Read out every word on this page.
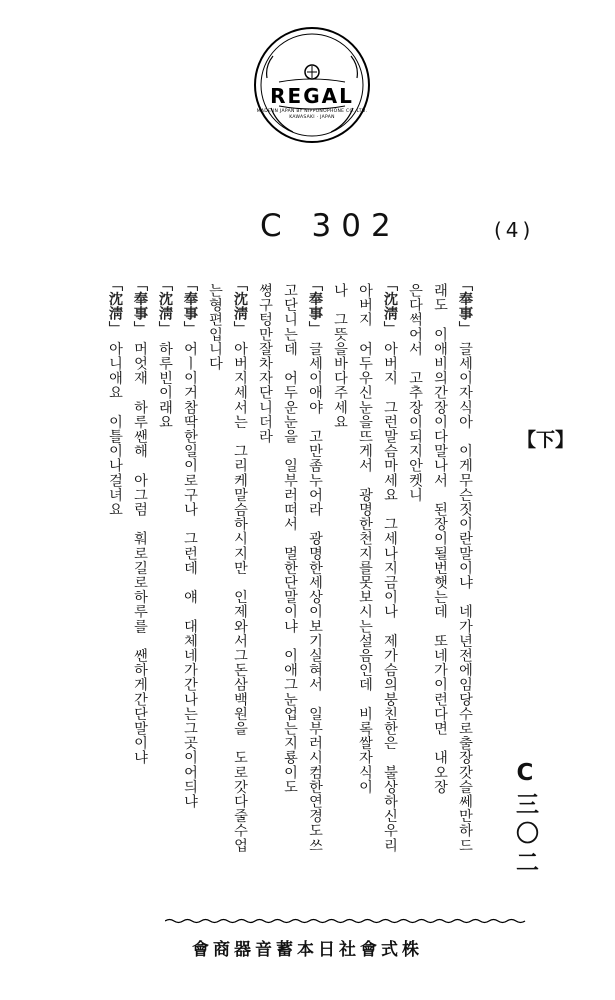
REGAL
MADE IN JAPAN BY NIPPONOPHONE CO.,LTD.
KAWASAKI · JAPAN
C 302	(4)
【下】
C三〇二
「奉事」글세이자식아　이게무슨짓이란말이냐　네가년전에임당수로출장갓슬쎄만하드
래도　이애비의간장이다말나서　된장이될번햇는데　또네가이런다면　내오장
은다썩어서　고추장이되지안켓니
「沈淸」아버지　그런말슴마세요　그세나지금이나　제가슴의붕친한은　불상하신우리
아버지　어두우신눈을뜨게서　광명한천지를못보시는설음인데　비록쌀자식이
나　그뜻을바다주세요
「奉事」글세이애야　고만좀누어라　광명한세상이보기실혀서　일부러시컴한연경도쓰
고단니는데　어두운눈을　일부러떠서　멀한단말이냐　이애그눈업는지룡이도
쎵구텅만잘차자단니더라
「沈淸」아버지세서는　그리케말슴하시지만　인제와서그돈삼백원을　도로갓다줄수업
는형편입니다
「奉事」어ㅣ이거참딱한일이로구나　그런데　얘　대체네가간나는그곳이어듸냐
「沈淸」하루빈이래요
「奉事」머엇재　하루쌘해　아그럼　훠로길로하루를　쌘하게간단말이냐
「沈淸」아니애요　이틀이나걸녀요
會商器音蓄本日社會式株
